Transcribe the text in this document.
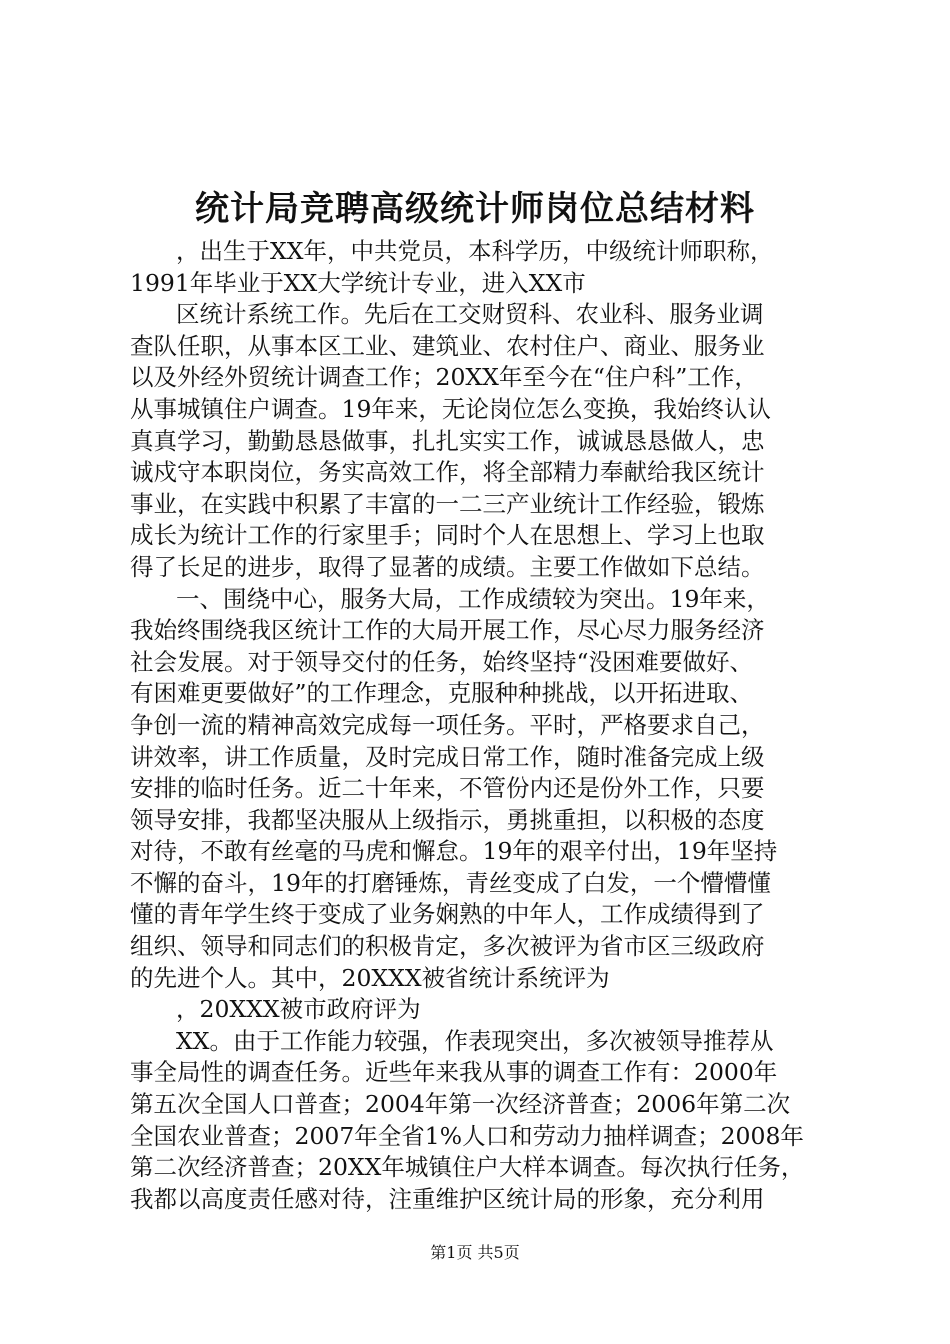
统计局竞聘高级统计师岗位总结材料
，出生于XX年，中共党员，本科学历，中级统计师职称，
1991年毕业于XX大学统计专业，进入XX市
区统计系统工作。先后在工交财贸科、农业科、服务业调
查队任职，从事本区工业、建筑业、农村住户、商业、服务业
以及外经外贸统计调查工作；20XX年至今在“住户科”工作，
从事城镇住户调查。19年来，无论岗位怎么变换，我始终认认
真真学习，勤勤恳恳做事，扎扎实实工作，诚诚恳恳做人，忠
诚戍守本职岗位，务实高效工作，将全部精力奉献给我区统计
事业，在实践中积累了丰富的一二三产业统计工作经验，锻炼
成长为统计工作的行家里手；同时个人在思想上、学习上也取
得了长足的进步，取得了显著的成绩。主要工作做如下总结。
一、围绕中心，服务大局，工作成绩较为突出。19年来，
我始终围绕我区统计工作的大局开展工作，尽心尽力服务经济
社会发展。对于领导交付的任务，始终坚持“没困难要做好、
有困难更要做好”的工作理念，克服种种挑战，以开拓进取、
争创一流的精神高效完成每一项任务。平时，严格要求自己，
讲效率，讲工作质量，及时完成日常工作，随时准备完成上级
安排的临时任务。近二十年来，不管份内还是份外工作，只要
领导安排，我都坚决服从上级指示，勇挑重担，以积极的态度
对待，不敢有丝毫的马虎和懈怠。19年的艰辛付出，19年坚持
不懈的奋斗，19年的打磨锤炼，青丝变成了白发，一个懵懵懂
懂的青年学生终于变成了业务娴熟的中年人，工作成绩得到了
组织、领导和同志们的积极肯定，多次被评为省市区三级政府
的先进个人。其中，20XXX被省统计系统评为
，20XXX被市政府评为
XX。由于工作能力较强，作表现突出，多次被领导推荐从
事全局性的调查任务。近些年来我从事的调查工作有：2000年
第五次全国人口普查；2004年第一次经济普查；2006年第二次
全国农业普查；2007年全省1%人口和劳动力抽样调查；2008年
第二次经济普查；20XX年城镇住户大样本调查。每次执行任务，
我都以高度责任感对待，注重维护区统计局的形象，充分利用
第1页 共5页
